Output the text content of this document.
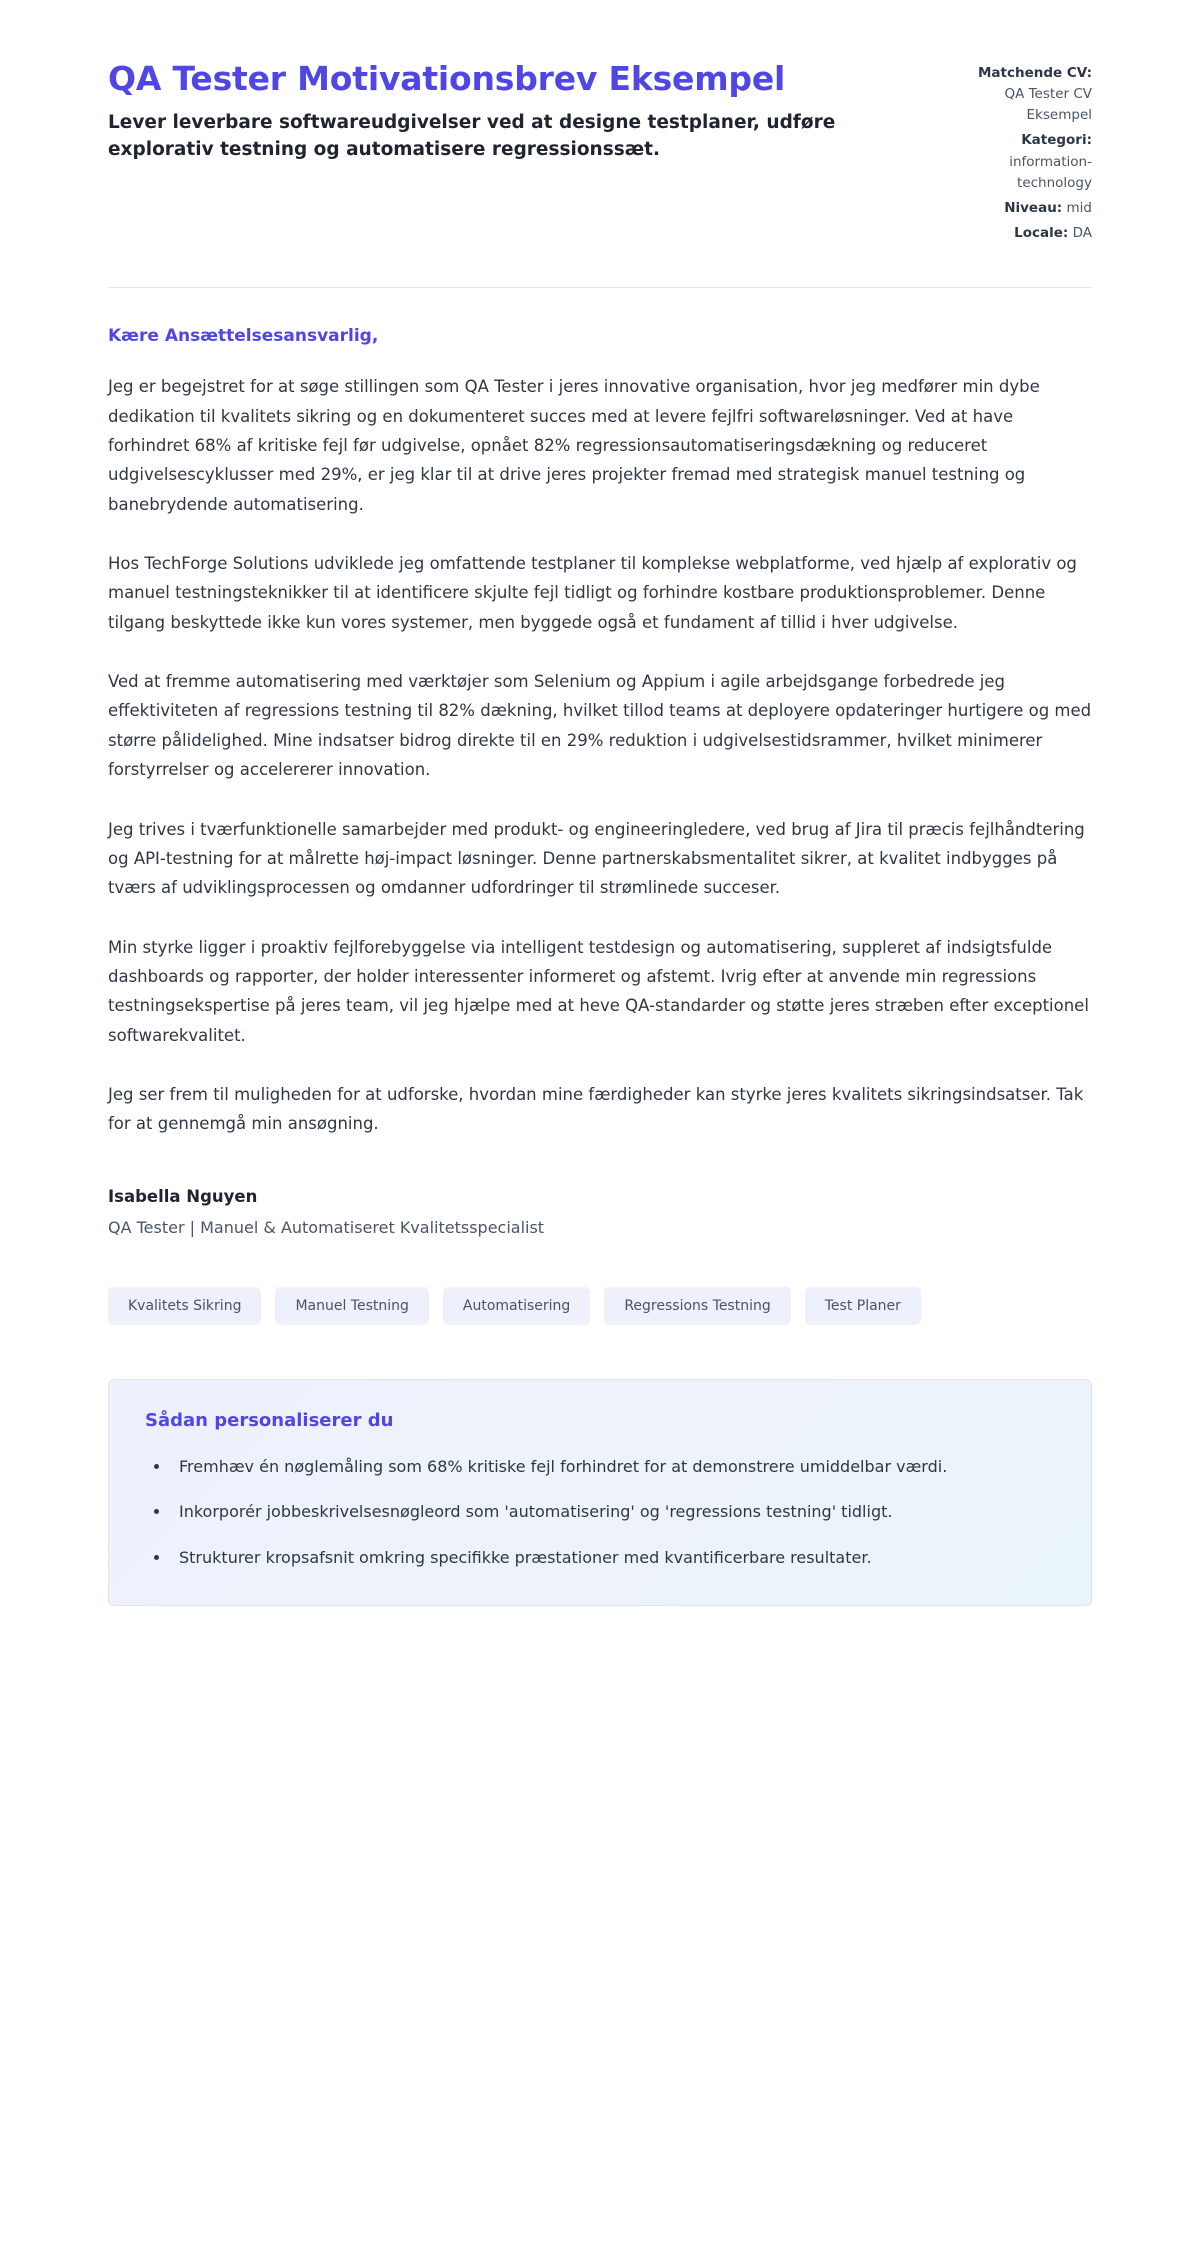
QA Tester Motivationsbrev Eksempel

Lever leverbare softwareudgivelser ved at designe testplaner, udføre explorativ testning og automatisere regressionssæt.

Matchende CV:
QA Tester CV
Eksempel
Kategori:
information-
technology
Niveau: mid
Locale: DA

Kære Ansættelsesansvarlig,

Jeg er begejstret for at søge stillingen som QA Tester i jeres innovative organisation, hvor jeg medfører min dybe dedikation til kvalitets sikring og en dokumenteret succes med at levere fejlfri softwareløsninger. Ved at have forhindret 68% af kritiske fejl før udgivelse, opnået 82% regressionsautomatiseringsdækning og reduceret udgivelsescyklusser med 29%, er jeg klar til at drive jeres projekter fremad med strategisk manuel testning og banebrydende automatisering.

Hos TechForge Solutions udviklede jeg omfattende testplaner til komplekse webplatforme, ved hjælp af explorativ og manuel testningsteknikker til at identificere skjulte fejl tidligt og forhindre kostbare produktionsproblemer. Denne tilgang beskyttede ikke kun vores systemer, men byggede også et fundament af tillid i hver udgivelse.

Ved at fremme automatisering med værktøjer som Selenium og Appium i agile arbejdsgange forbedrede jeg effektiviteten af regressions testning til 82% dækning, hvilket tillod teams at deployere opdateringer hurtigere og med større pålidelighed. Mine indsatser bidrog direkte til en 29% reduktion i udgivelsestidsrammer, hvilket minimerer forstyrrelser og accelererer innovation.

Jeg trives i tværfunktionelle samarbejder med produkt- og engineeringledere, ved brug af Jira til præcis fejlhåndtering og API-testning for at målrette høj-impact løsninger. Denne partnerskabsmentalitet sikrer, at kvalitet indbygges på tværs af udviklingsprocessen og omdanner udfordringer til strømlinede succeser.

Min styrke ligger i proaktiv fejlforebyggelse via intelligent testdesign og automatisering, suppleret af indsigtsfulde dashboards og rapporter, der holder interessenter informeret og afstemt. Ivrig efter at anvende min regressions testningsekspertise på jeres team, vil jeg hjælpe med at heve QA-standarder og støtte jeres stræben efter exceptionel softwarekvalitet.

Jeg ser frem til muligheden for at udforske, hvordan mine færdigheder kan styrke jeres kvalitets sikringsindsatser. Tak for at gennemgå min ansøgning.

Isabella Nguyen

QA Tester | Manuel & Automatiseret Kvalitetsspecialist

Kvalitets Sikring	Manuel Testning	Automatisering	Regressions Testning	Test Planer
Sådan personaliserer du
• Fremhæv én nøglemåling som 68% kritiske fejl forhindret for at demonstrere umiddelbar værdi.
• Inkorporér jobbeskrivelsesnøgleord som 'automatisering' og 'regressions testning' tidligt.
• Strukturer kropsafsnit omkring specifikke præstationer med kvantificerbare resultater.
